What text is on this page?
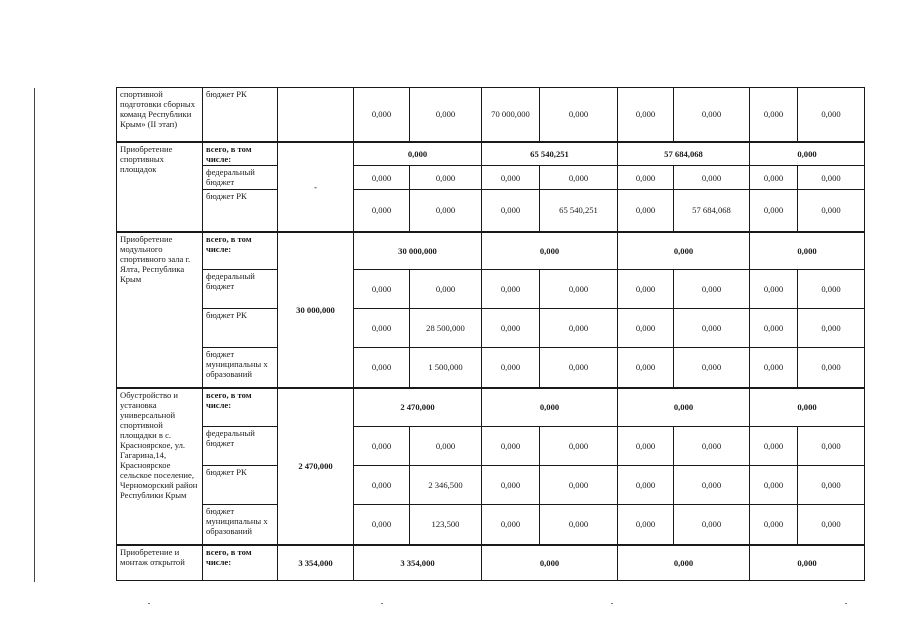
спортивной подготовки сборных команд Республики Крым» (II этап)	бюджет РК		0,000	0,000	70 000,000	0,000	0,000	0,000	0,000	0,000
Приобретение спортивных площадок	всего, в том числе:	-	0,000		65 540,251		57 684,068		0,000	
	федеральный бюджет		0,000	0,000	0,000	0,000	0,000	0,000	0,000	0,000
	бюджет РК		0,000	0,000	0,000	65 540,251	0,000	57 684,068	0,000	0,000
Приобретение модульного спортивного зала г. Ялта, Республика Крым	всего, в том числе:	30 000,000	30 000,000		0,000		0,000		0,000	
	федеральный бюджет		0,000	0,000	0,000	0,000	0,000	0,000	0,000	0,000
	бюджет РК		0,000	28 500,000	0,000	0,000	0,000	0,000	0,000	0,000
	бюджет муниципальны х образований		0,000	1 500,000	0,000	0,000	0,000	0,000	0,000	0,000
Обустройство и установка универсальной спортивной площадки в с. Красноярское, ул. Гагарина,14, Красноярское сельское поселение, Черноморский район Республики Крым	всего, в том числе:	2 470,000	2 470,000		0,000		0,000		0,000	
	федеральный бюджет		0,000	0,000	0,000	0,000	0,000	0,000	0,000	0,000
	бюджет РК		0,000	2 346,500	0,000	0,000	0,000	0,000	0,000	0,000
	бюджет муниципальны х образований		0,000	123,500	0,000	0,000	0,000	0,000	0,000	0,000
Приобретение и монтаж открытой	всего, в том числе:	3 354,000	3 354,000		0,000		0,000		0,000	
